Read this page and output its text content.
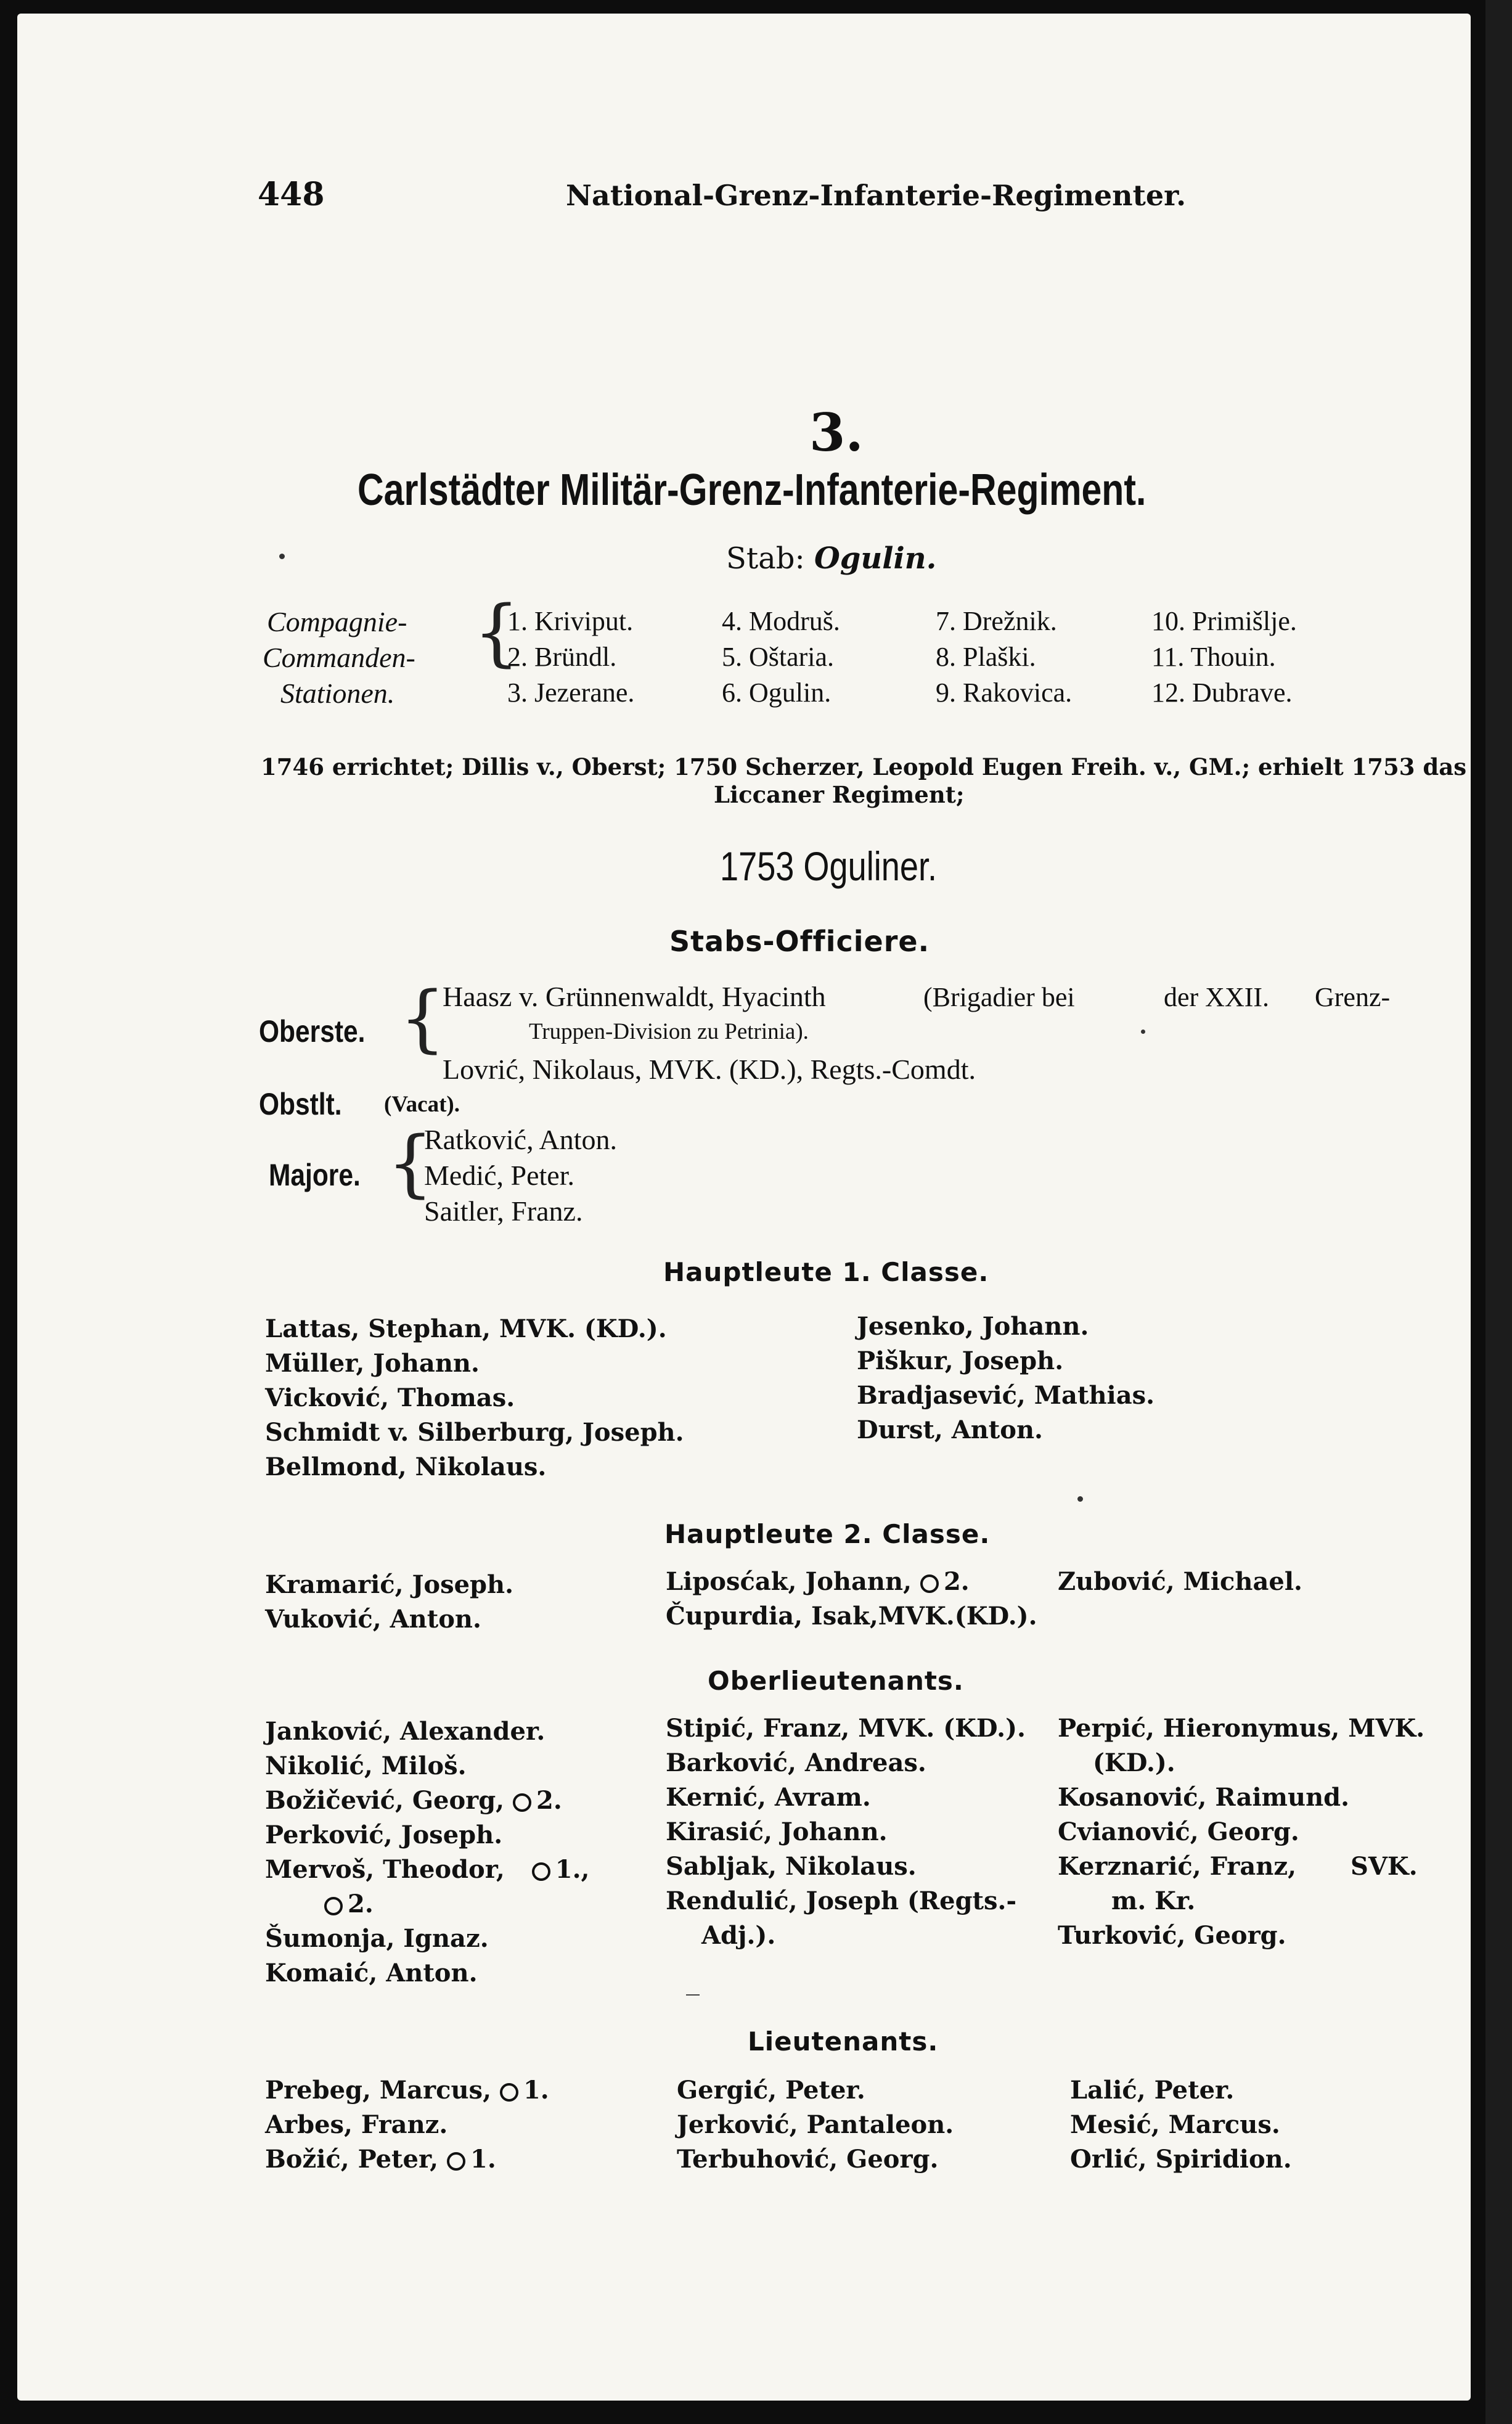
448	National-Grenz-Infanterie-Regimenter.
3.
Carlstädter Militär-Grenz-Infanterie-Regiment.
Stab: Ogulin.
Compagnie-
Commanden-
Stationen.
{
1. Kriviput.
2. Bründl.
3. Jezerane.
4. Modruš.
5. Oštaria.
6. Ogulin.
7. Drežnik.
8. Plaški.
9. Rakovica.
10. Primišlje.
11. Thouin.
12. Dubrave.
1746 errichtet; Dillis v., Oberst; 1750 Scherzer, Leopold Eugen Freih. v., GM.; erhielt 1753 das
Liccaner Regiment;
1753 Oguliner.
Stabs-Officiere.
Oberste. {
Haasz v. Grünnenwaldt, Hyacinth	(Brigadier bei	der XXII. Grenz-
Truppen-Division zu Petrinia).
Lovrić, Nikolaus, MVK. (KD.), Regts.-Comdt.
Obstlt. (Vacat).
Majore. {
Ratković, Anton.
Medić, Peter.
Saitler, Franz.
Hauptleute 1. Classe.
Lattas, Stephan, MVK. (KD.).
Müller, Johann.
Vicković, Thomas.
Schmidt v. Silberburg, Joseph.
Bellmond, Nikolaus.
Jesenko, Johann.
Piškur, Joseph.
Bradjasević, Mathias.
Durst, Anton.
Hauptleute 2. Classe.
Kramarić, Joseph.
Vuković, Anton.
Liposćak, Johann, 2.
Čupurdia, Isak,MVK.(KD.).
Zubović, Michael.
Oberlieutenants.
Janković, Alexander.
Nikolić, Miloš.
Božičević, Georg, 2.
Perković, Joseph.
Mervoš, Theodor, 1.,
2.
Šumonja, Ignaz.
Komaić, Anton.
Stipić, Franz, MVK. (KD.).
Barković, Andreas.
Kernić, Avram.
Kirasić, Johann.
Sabljak, Nikolaus.
Rendulić, Joseph (Regts.-
Adj.).
Perpić, Hieronymus, MVK.
(KD.).
Kosanović, Raimund.
Cvianović, Georg.
Kerznarić, Franz, SVK.
m. Kr.
Turković, Georg.
Lieutenants.
Prebeg, Marcus, 1.
Arbes, Franz.
Božić, Peter, 1.
Gergić, Peter.
Jerković, Pantaleon.
Terbuhović, Georg.
Lalić, Peter.
Mesić, Marcus.
Orlić, Spiridion.
